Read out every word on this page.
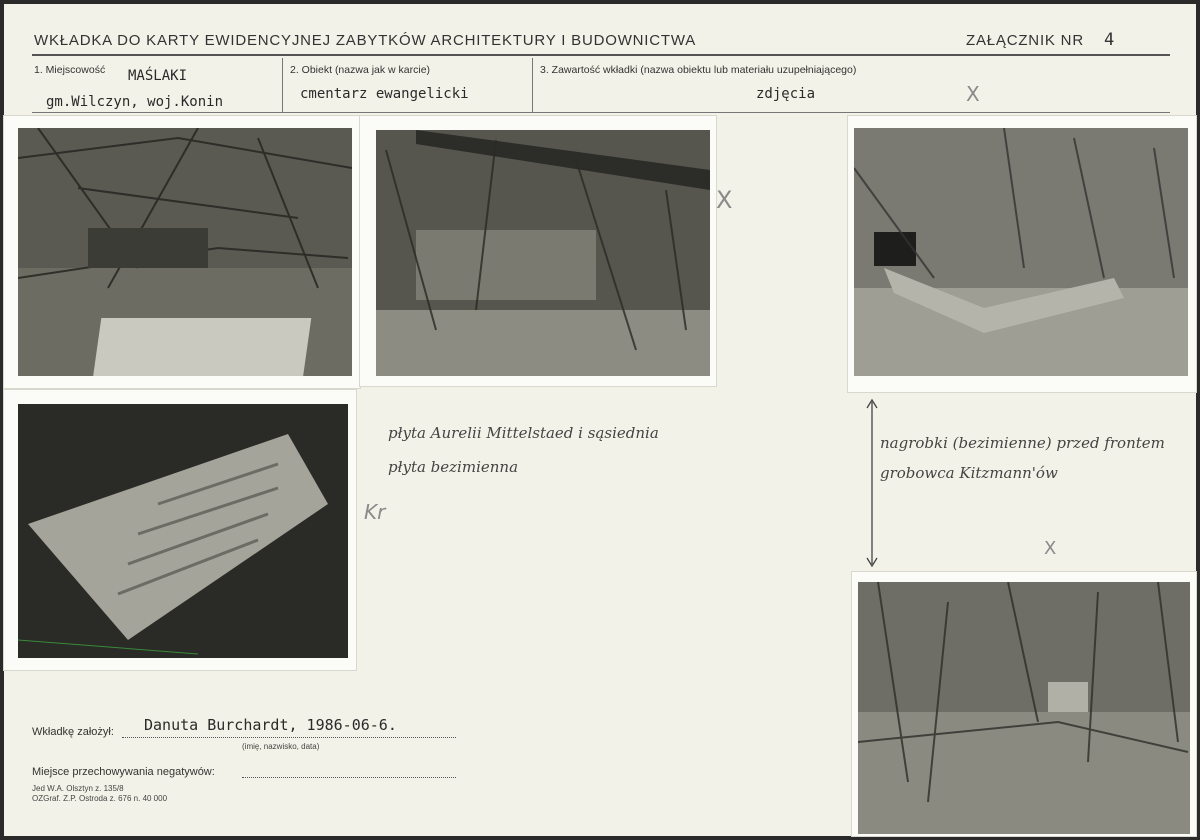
WKŁADKA DO KARTY EWIDENCYJNEJ ZABYTKÓW ARCHITEKTURY I BUDOWNICTWA	ZAŁĄCZNIK NR 4
1. Miejscowość MAŚLAKI
gm.Wilczyn, woj.Konin
2. Obiekt (nazwa jak w karcie)
cmentarz ewangelicki
3. Zawartość wkładki (nazwa obiektu lub materiału uzupełniającego)
zdjęcia	X
płyta Aurelii Mittelstaed i sąsiednia
płyta bezimienna
Kr
X
nagrobki (bezimienne) przed frontem
grobowca Kitzmann'ów
X
Wkładkę założył: Danuta Burchardt, 1986-06-6.
(imię, nazwisko, data)
Miejsce przechowywania negatywów:
Jed W.A. Olsztyn z. 135/8
OZGraf. Z.P. Ostroda z. 676 n. 40 000
